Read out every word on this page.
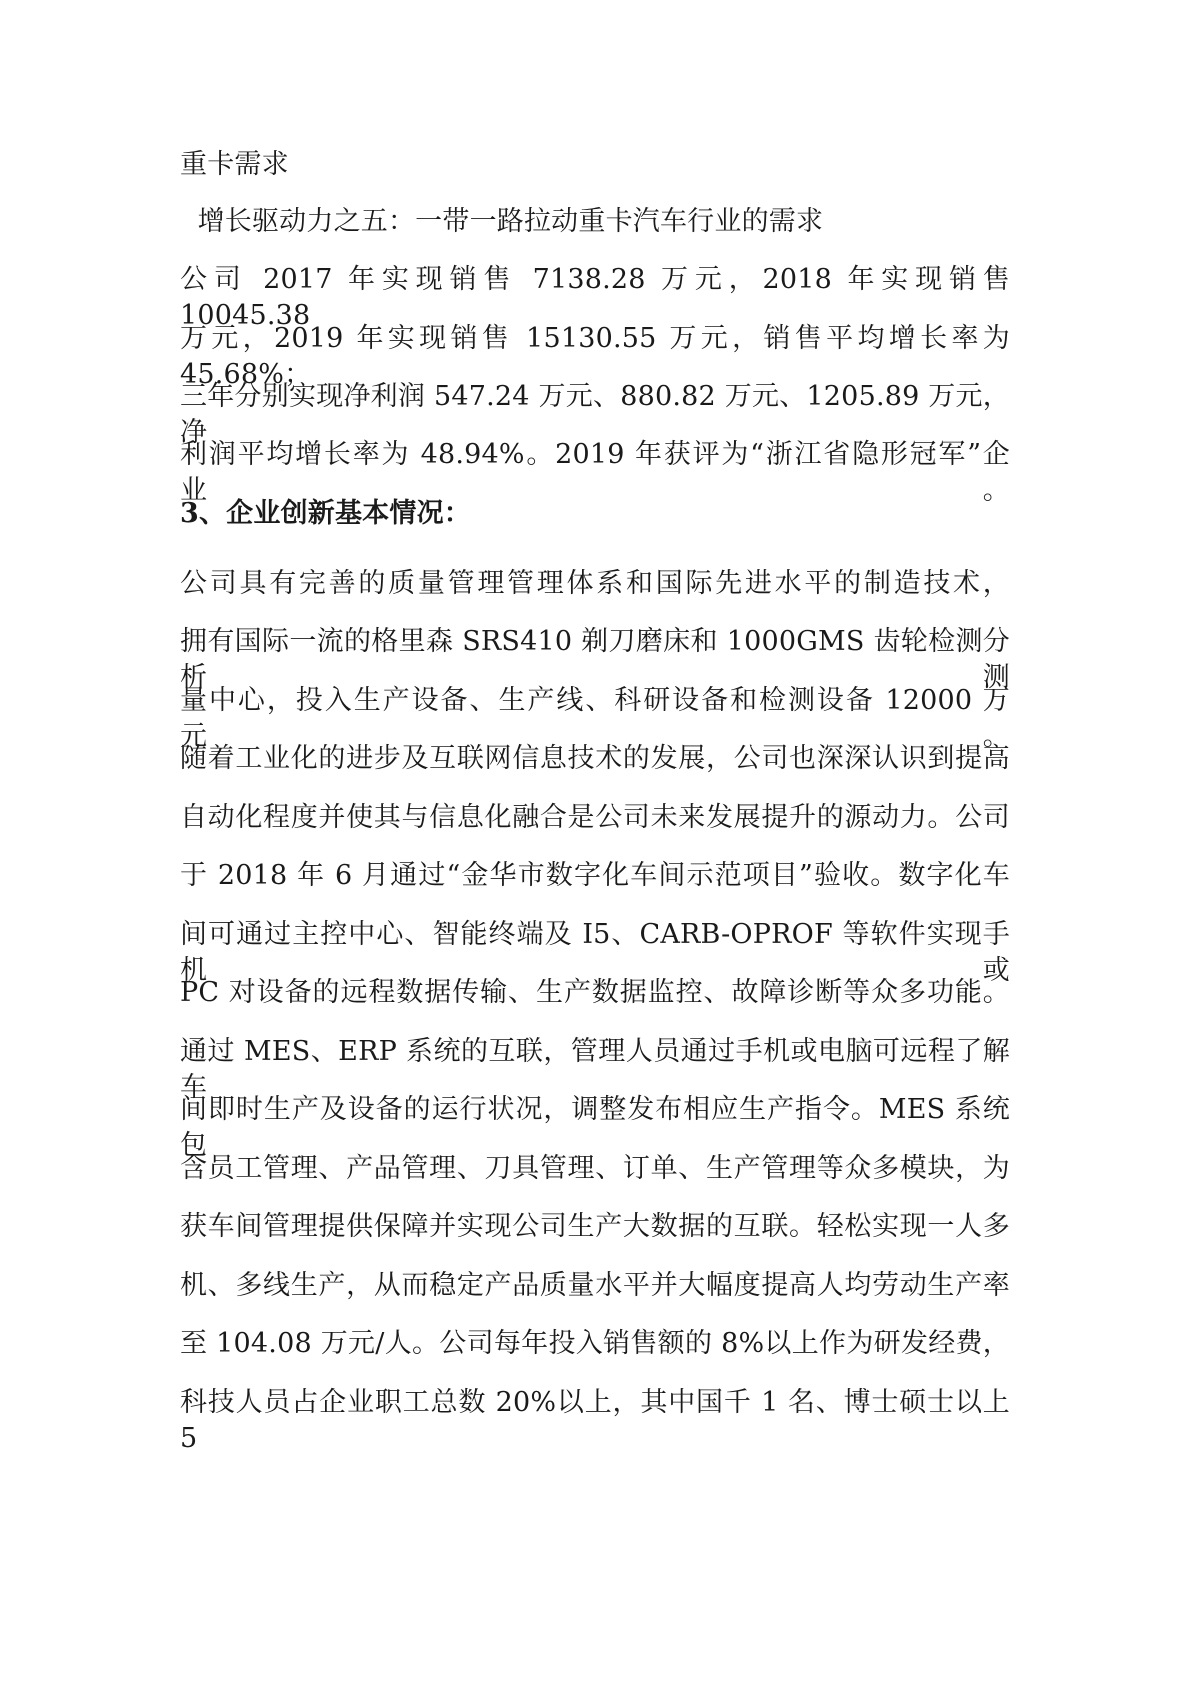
重卡需求
增长驱动力之五：一带一路拉动重卡汽车行业的需求
公司 2017 年实现销售 7138.28 万元，2018 年实现销售 10045.38
万元，2019 年实现销售 15130.55 万元，销售平均增长率为 45.68%；
三年分别实现净利润 547.24 万元、880.82 万元、1205.89 万元，净
利润平均增长率为 48.94%。2019 年获评为“浙江省隐形冠军”企业。
3、企业创新基本情况：
公司具有完善的质量管理管理体系和国际先进水平的制造技术，
拥有国际一流的格里森 SRS410 剃刀磨床和 1000GMS 齿轮检测分析测
量中心，投入生产设备、生产线、科研设备和检测设备 12000 万元。
随着工业化的进步及互联网信息技术的发展，公司也深深认识到提高
自动化程度并使其与信息化融合是公司未来发展提升的源动力。公司
于 2018 年 6 月通过“金华市数字化车间示范项目”验收。数字化车
间可通过主控中心、智能终端及 I5、CARB-OPROF 等软件实现手机或
PC 对设备的远程数据传输、生产数据监控、故障诊断等众多功能。
通过 MES、ERP 系统的互联，管理人员通过手机或电脑可远程了解车
间即时生产及设备的运行状况，调整发布相应生产指令。MES 系统包
含员工管理、产品管理、刀具管理、订单、生产管理等众多模块，为
获车间管理提供保障并实现公司生产大数据的互联。轻松实现一人多
机、多线生产，从而稳定产品质量水平并大幅度提高人均劳动生产率
至 104.08 万元/人。公司每年投入销售额的 8%以上作为研发经费，
科技人员占企业职工总数 20%以上，其中国千 1 名、博士硕士以上 5
